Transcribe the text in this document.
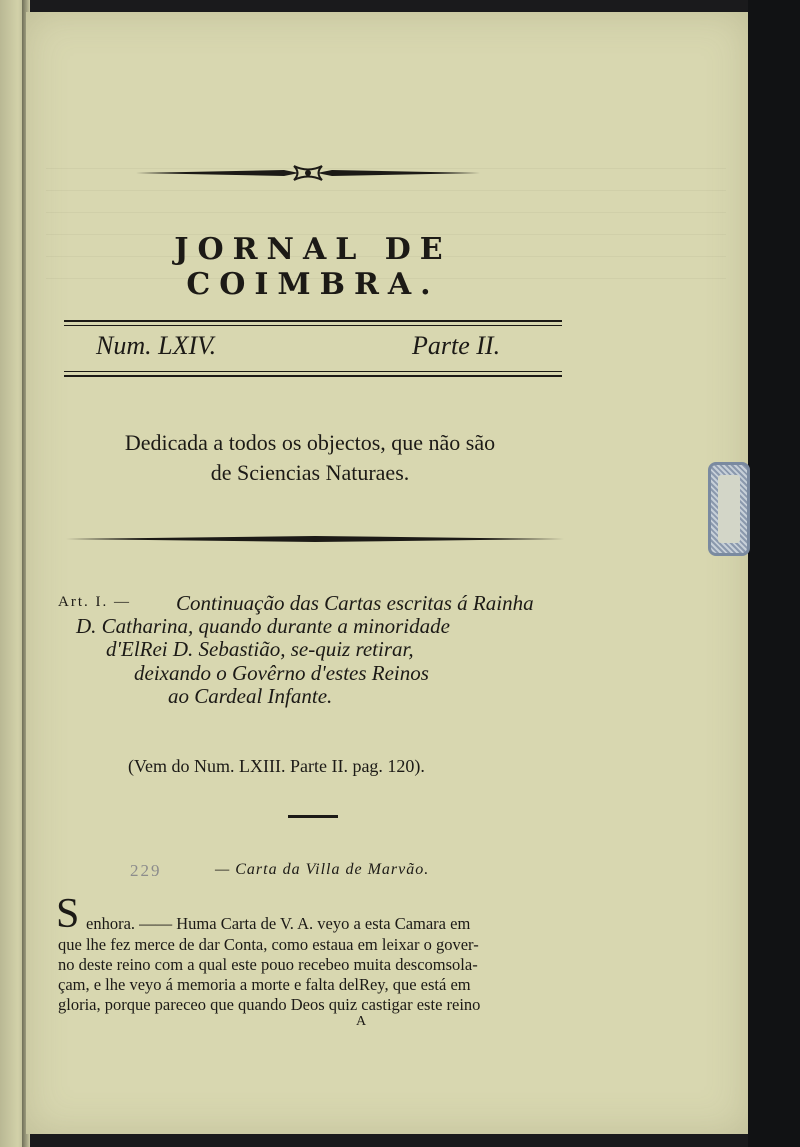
JORNAL DE COIMBRA.
Num. LXIV.	Parte II.
Dedicada a todos os objectos, que não são
de Sciencias Naturaes.
Art. I. — Continuação das Cartas escritas á Rainha
D. Catharina, quando durante a minoridade
d'ElRei D. Sebastião, se-quiz retirar,
deixando o Govêrno d'estes Reinos
ao Cardeal Infante.
(Vem do Num. LXIII. Parte II. pag. 120).
229	— Carta da Villa de Marvão.
S enhora. —— Huma Carta de V. A. veyo a esta Camara em
que lhe fez merce de dar Conta, como estaua em leixar o gover-
no deste reino com a qual este pouo recebeo muita descomsola-
çam, e lhe veyo á memoria a morte e falta delRey, que está em
gloria, porque pareceo que quando Deos quiz castigar este reino
A
